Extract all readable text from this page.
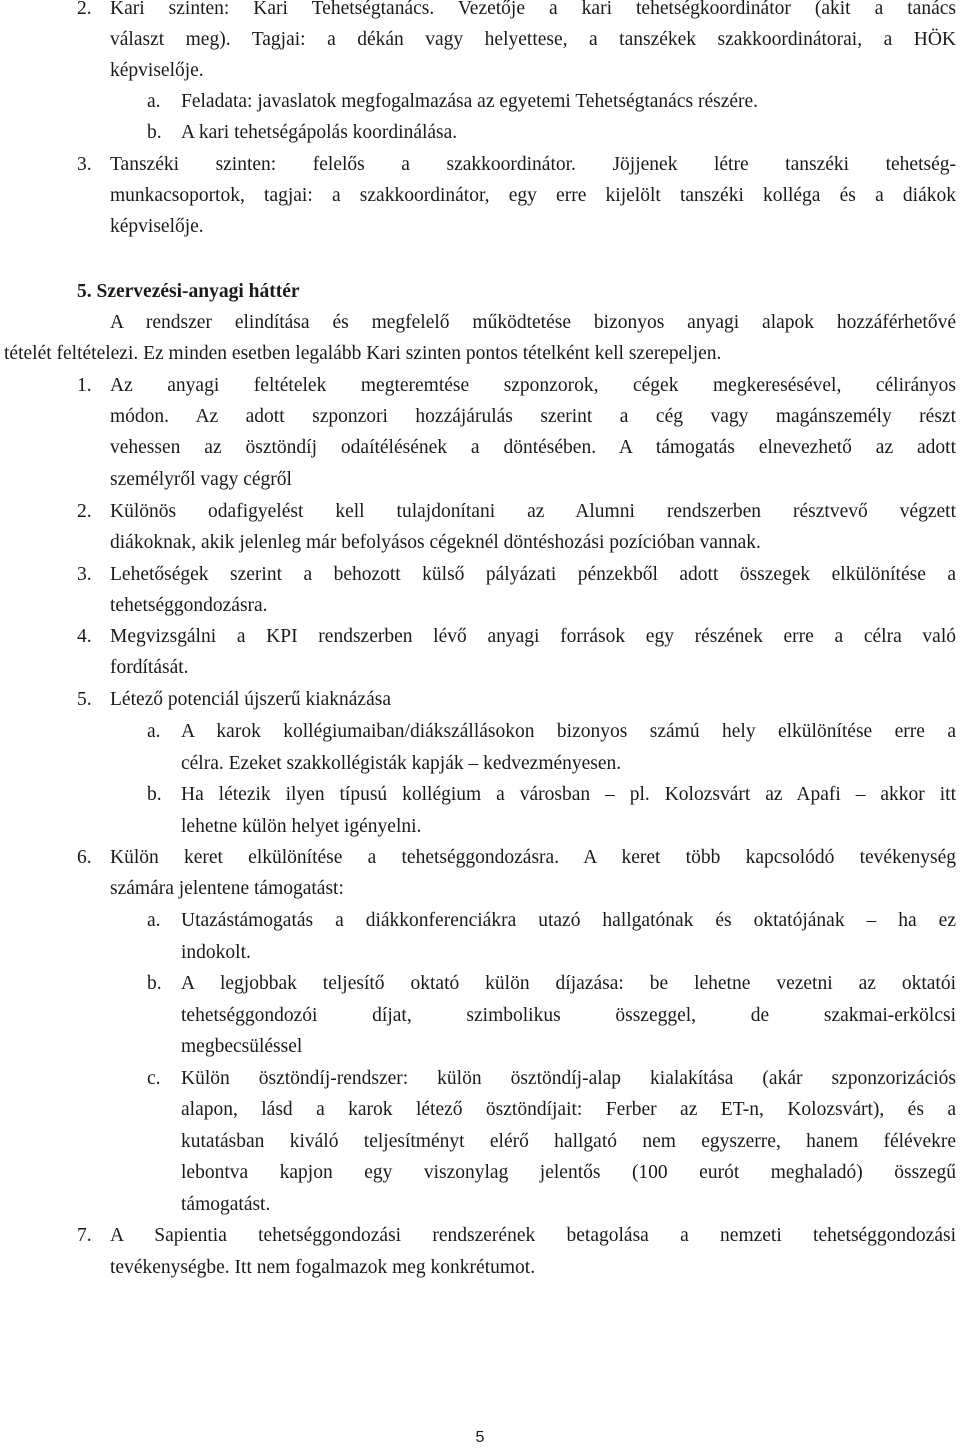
2. Kari szinten: Kari Tehetségtanács. Vezetője a kari tehetségkoordinátor (akit a tanács
választ meg). Tagjai: a dékán vagy helyettese, a tanszékek szakkoordinátorai, a HÖK
képviselője.
a. Feladata: javaslatok megfogalmazása az egyetemi Tehetségtanács részére.
b. A kari tehetségápolás koordinálása.
3. Tanszéki szinten: felelős a szakkoordinátor. Jöjjenek létre tanszéki tehetség-
munkacsoportok, tagjai: a szakkoordinátor, egy erre kijelölt tanszéki kolléga és a diákok
képviselője.
5. Szervezési-anyagi háttér
A rendszer elindítása és megfelelő működtetése bizonyos anyagi alapok hozzáférhetővé
tételét feltételezi. Ez minden esetben legalább Kari szinten pontos tételként kell szerepeljen.
1. Az anyagi feltételek megteremtése szponzorok, cégek megkeresésével, célirányos
módon. Az adott szponzori hozzájárulás szerint a cég vagy magánszemély részt
vehessen az ösztöndíj odaítélésének a döntésében. A támogatás elnevezhető az adott
személyről vagy cégről
2. Különös odafigyelést kell tulajdonítani az Alumni rendszerben résztvevő végzett
diákoknak, akik jelenleg már befolyásos cégeknél döntéshozási pozícióban vannak.
3. Lehetőségek szerint a behozott külső pályázati pénzekből adott összegek elkülönítése a
tehetséggondozásra.
4. Megvizsgálni a KPI rendszerben lévő anyagi források egy részének erre a célra való
fordítását.
5. Létező potenciál újszerű kiaknázása
a. A karok kollégiumaiban/diákszállásokon bizonyos számú hely elkülönítése erre a
célra. Ezeket szakkollégisták kapják – kedvezményesen.
b. Ha létezik ilyen típusú kollégium a városban – pl. Kolozsvárt az Apafi – akkor itt
lehetne külön helyet igényelni.
6. Külön keret elkülönítése a tehetséggondozásra. A keret több kapcsolódó tevékenység
számára jelentene támogatást:
a. Utazástámogatás a diákkonferenciákra utazó hallgatónak és oktatójának – ha ez
indokolt.
b. A legjobbak teljesítő oktató külön díjazása: be lehetne vezetni az oktatói
tehetséggondozói díjat, szimbolikus összeggel, de szakmai-erkölcsi
megbecsüléssel
c. Külön ösztöndíj-rendszer: külön ösztöndíj-alap kialakítása (akár szponzorizációs
alapon, lásd a karok létező ösztöndíjait: Ferber az ET-n, Kolozsvárt), és a
kutatásban kiváló teljesítményt elérő hallgató nem egyszerre, hanem félévekre
lebontva kapjon egy viszonylag jelentős (100 eurót meghaladó) összegű
támogatást.
7. A Sapientia tehetséggondozási rendszerének betagolása a nemzeti tehetséggondozási
tevékenységbe. Itt nem fogalmazok meg konkrétumot.
5
